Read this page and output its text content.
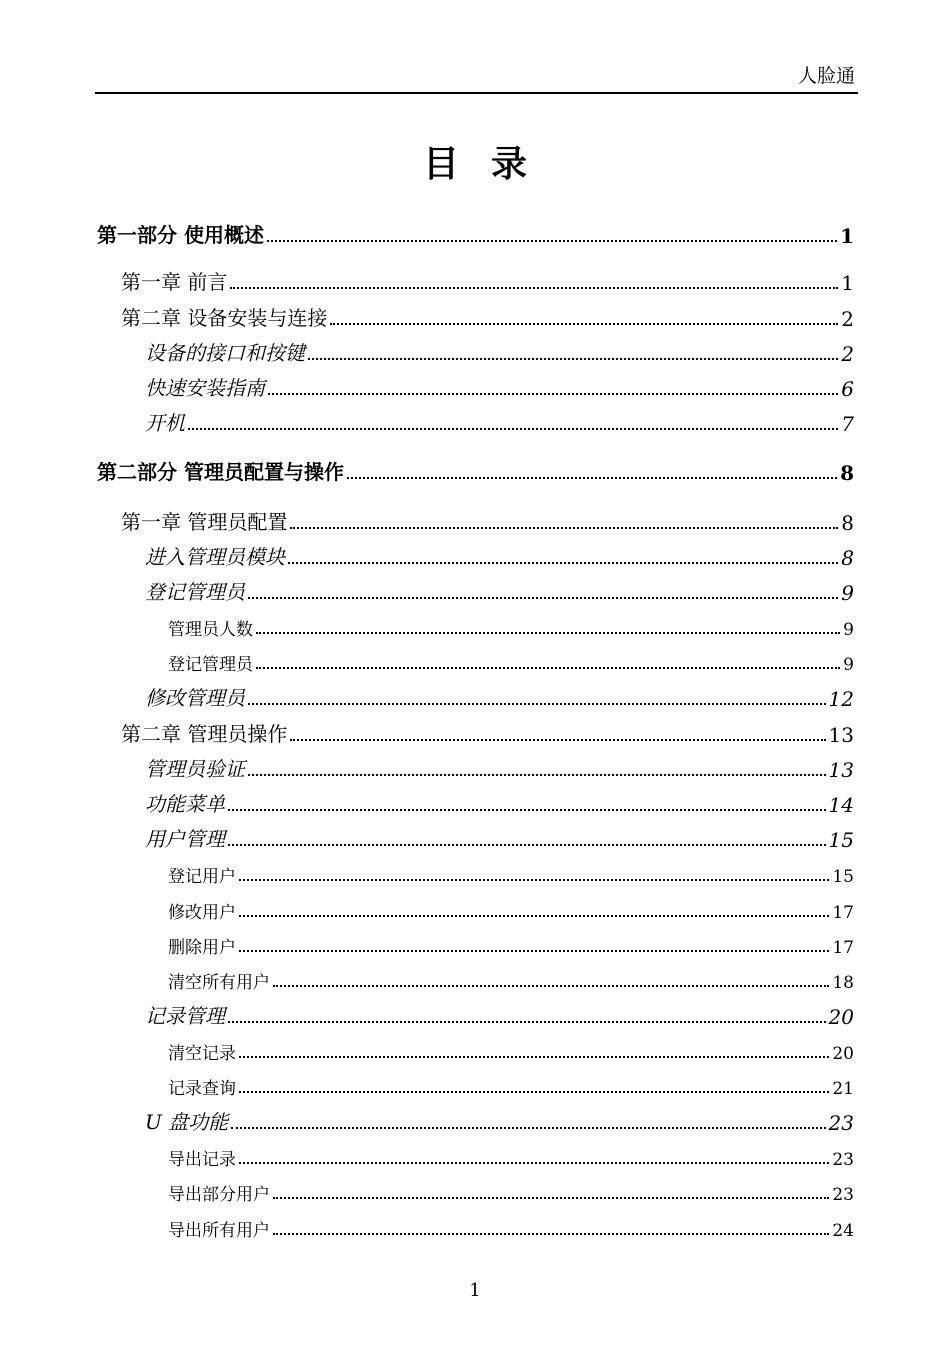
人脸通
目录
第一部分 使用概述	1
第一章 前言	1
第二章 设备安装与连接	2
设备的接口和按键	2
快速安装指南	6
开机	7
第二部分 管理员配置与操作	8
第一章 管理员配置	8
进入管理员模块	8
登记管理员	9
管理员人数	9
登记管理员	9
修改管理员	12
第二章 管理员操作	13
管理员验证	13
功能菜单	14
用户管理	15
登记用户	15
修改用户	17
删除用户	17
清空所有用户	18
记录管理	20
清空记录	20
记录查询	21
U 盘功能	23
导出记录	23
导出部分用户	23
导出所有用户	24
1
